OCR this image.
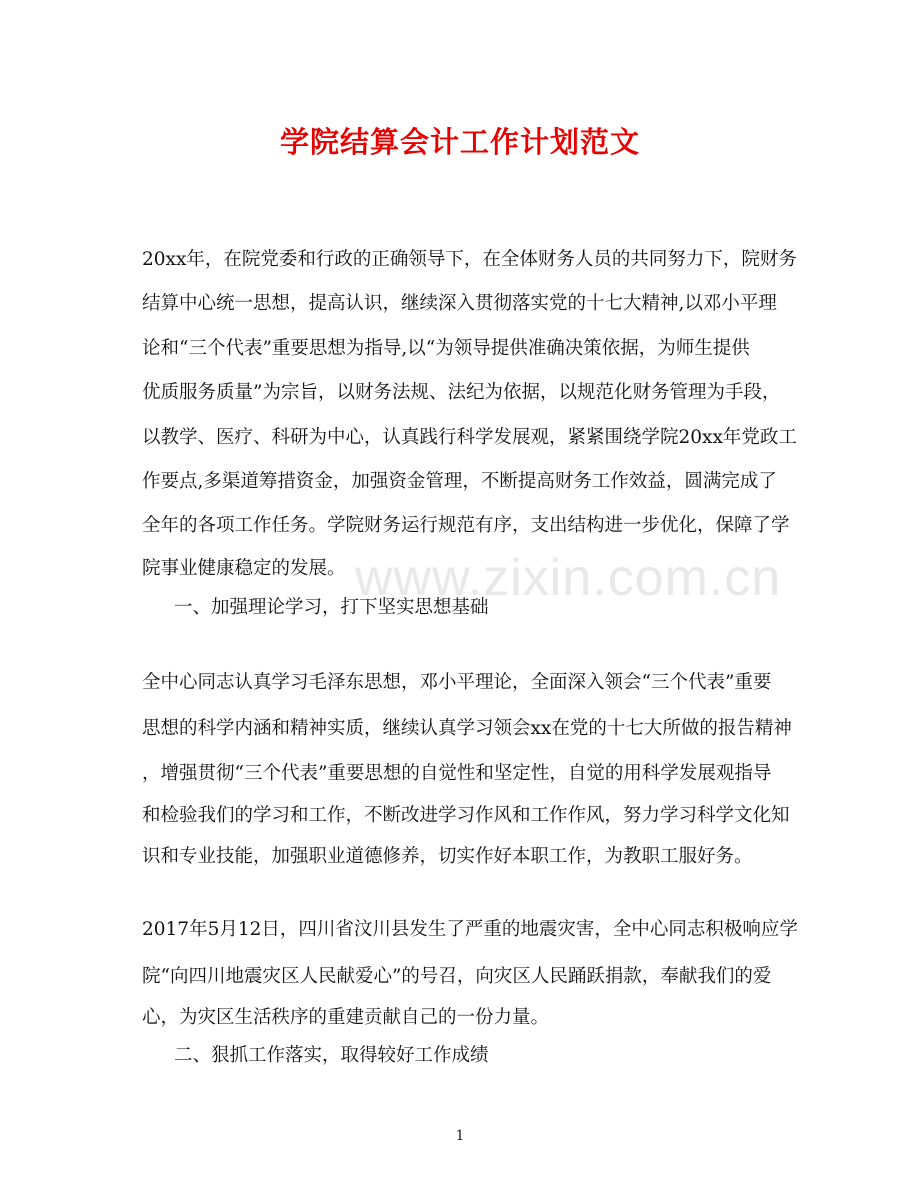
www.zixin.com.cn
学院结算会计工作计划范文
20xx年，在院党委和行政的正确领导下，在全体财务人员的共同努力下，院财务
结算中心统一思想，提高认识，继续深入贯彻落实党的十七大精神,以邓小平理
论和“三个代表”重要思想为指导,以“为领导提供准确决策依据，为师生提供
优质服务质量”为宗旨，以财务法规、法纪为依据，以规范化财务管理为手段，
以教学、医疗、科研为中心，认真践行科学发展观，紧紧围绕学院20xx年党政工
作要点,多渠道筹措资金，加强资金管理，不断提高财务工作效益，圆满完成了
全年的各项工作任务。学院财务运行规范有序，支出结构进一步优化，保障了学
院事业健康稳定的发展。
一、加强理论学习，打下坚实思想基础
全中心同志认真学习毛泽东思想，邓小平理论，全面深入领会“三个代表”重要
思想的科学内涵和精神实质，继续认真学习领会xx在党的十七大所做的报告精神
，增强贯彻“三个代表”重要思想的自觉性和坚定性，自觉的用科学发展观指导
和检验我们的学习和工作，不断改进学习作风和工作作风，努力学习科学文化知
识和专业技能，加强职业道德修养，切实作好本职工作，为教职工服好务。
2017年5月12日，四川省汶川县发生了严重的地震灾害，全中心同志积极响应学
院“向四川地震灾区人民献爱心”的号召，向灾区人民踊跃捐款，奉献我们的爱
心，为灾区生活秩序的重建贡献自己的一份力量。
二、狠抓工作落实，取得较好工作成绩
1
